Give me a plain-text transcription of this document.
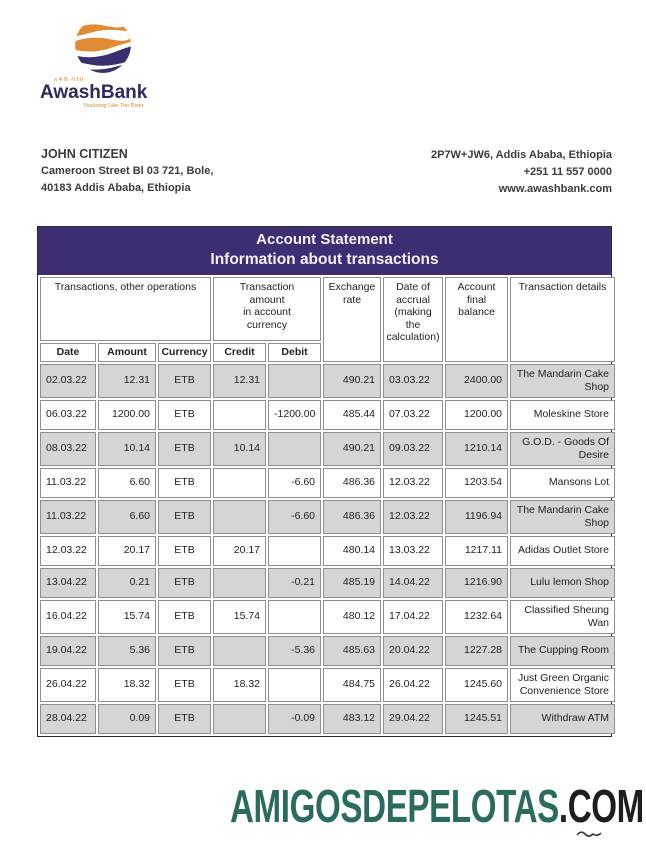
አዋሽ ባንክ
AwashBank
Nurturing Like The River
JOHN CITIZEN
Cameroon Street Bl 03 721, Bole,
40183 Addis Ababa, Ethiopia
2P7W+JW6, Addis Ababa, Ethiopia
+251 11 557 0000
www.awashbank.com
Account Statement
Information about transactions
Transactions, other operations	Transaction
amount
in account
currency

Exchange
rate

Date of
accrual
(making
the
calculation)

Account
final
balance
	Transaction details
Date	Amount	Currency	Credit	Debit				
02.03.22	12.31	ETB	12.31		490.21	03.03.22	2400.00	The Mandarin Cake Shop
06.03.22	1200.00	ETB		-1200.00	485.44	07.03.22	1200.00	Moleskine Store
08.03.22	10.14	ETB	10.14		490.21	09.03.22	1210.14	G.O.D. - Goods Of Desire
11.03.22	6.60	ETB		-6.60	486.36	12.03.22	1203.54	Mansons Lot
11.03.22	6.60	ETB		-6.60	486.36	12.03.22	1196.94	The Mandarin Cake Shop
12.03.22	20.17	ETB	20.17		480.14	13.03.22	1217.11	Adidas Outlet Store
13.04.22	0.21	ETB		-0.21	485.19	14.04.22	1216.90	Lulu lemon Shop
16.04.22	15.74	ETB	15.74		480.12	17.04.22	1232.64	Classified Sheung Wan
19.04.22	5.36	ETB		-5.36	485.63	20.04.22	1227.28	The Cupping Room
26.04.22	18.32	ETB	18.32		484.75	26.04.22	1245.60	Just Green Organic Convenience Store
28.04.22	0.09	ETB		-0.09	483.12	29.04.22	1245.51	Withdraw ATM
AMIGOSDEPELOTAS.COM
